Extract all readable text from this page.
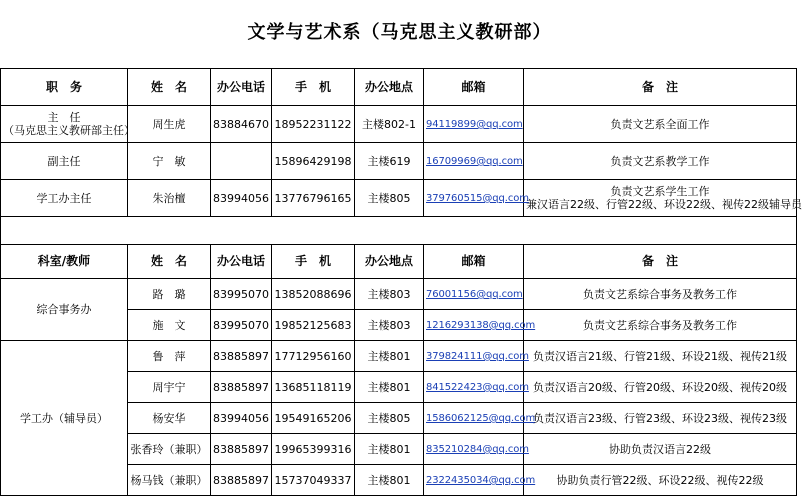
文学与艺术系（马克思主义教研部）
职　务	姓　名	办公电话	手　机	办公地点	邮箱	备　注

主　任
（马克思主义教研部主任）	周生虎	83884670	18952231122	主楼802-1	94119899@qq.com	负责文艺系全面工作
副主任	宁　敏		15896429198	主楼619	16709969@qq.com	负责文艺系教学工作
学工办主任	朱治檀	83994056	13776796165	主楼805	379760515@qq.com	负责文艺系学生工作
兼汉语言22级、行管22级、环设22级、视传22级辅导员

科室/教师	姓　名	办公电话	手　机	办公地点	邮箱	备　注
综合事务办	路　璐	83995070	13852088696	主楼803	76001156@qq.com	负责文艺系综合事务及教务工作
	施　文	83995070	19852125683	主楼803	1216293138@qq.com	负责文艺系综合事务及教务工作
学工办（辅导员）	鲁　萍	83885897	17712956160	主楼801	379824111@qq.com	负责汉语言21级、行管21级、环设21级、视传21级
	周宇宁	83885897	13685118119	主楼801	841522423@qq.com	负责汉语言20级、行管20级、环设20级、视传20级
	杨安华	83994056	19549165206	主楼805	1586062125@qq.com	负责汉语言23级、行管23级、环设23级、视传23级
	张香玲（兼职）	83885897	19965399316	主楼801	835210284@qq.com	协助负责汉语言22级
	杨马钱（兼职）	83885897	15737049337	主楼801	2322435034@qq.com	协助负责行管22级、环设22级、视传22级
